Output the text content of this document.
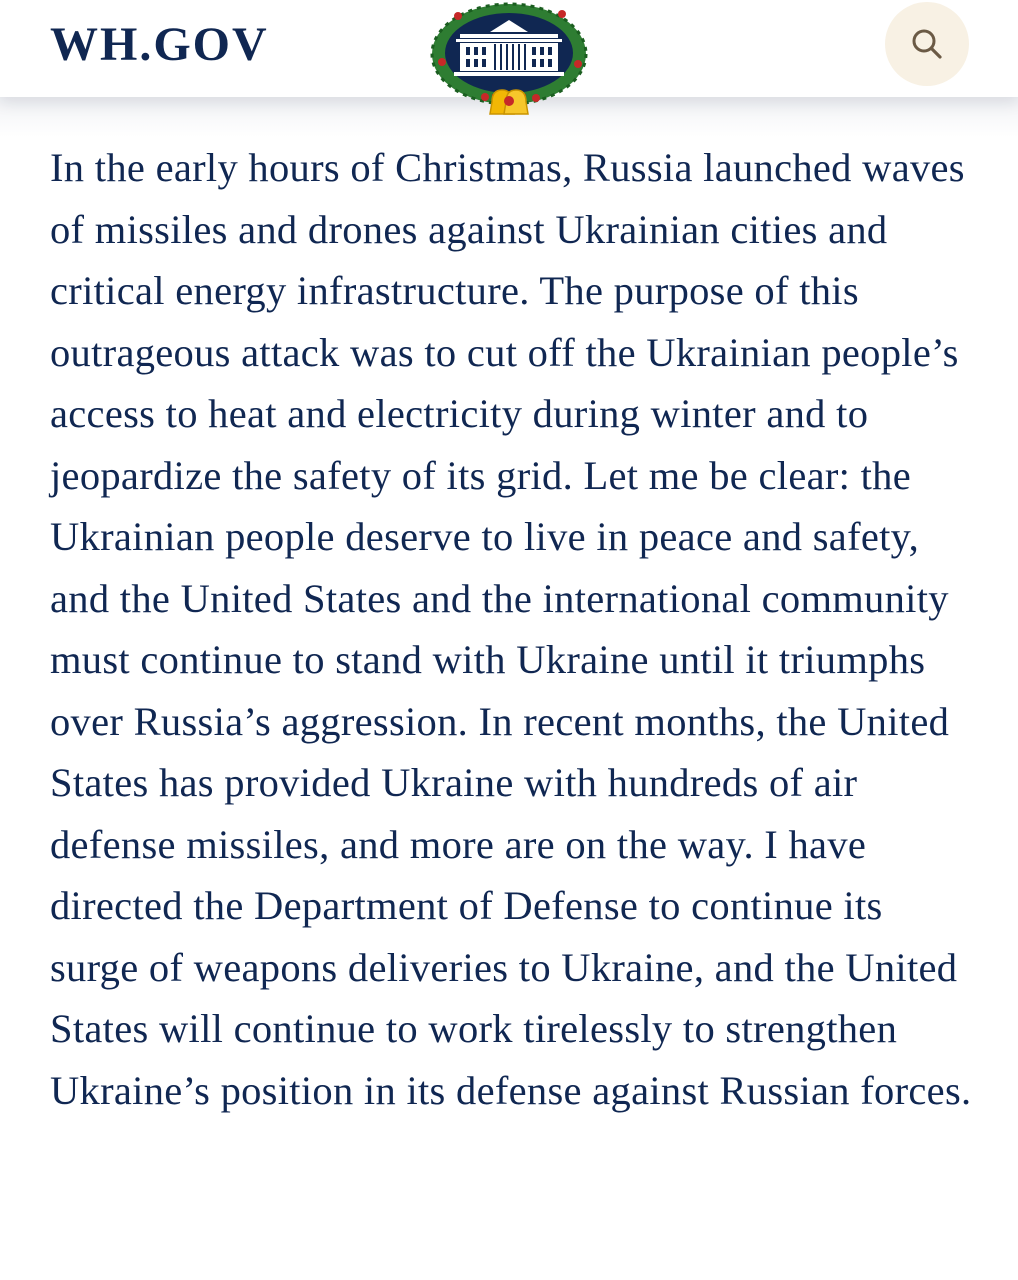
WH.GOV

In the early hours of Christmas, Russia launched waves of missiles and drones against Ukrainian cities and critical energy infrastructure. The purpose of this outrageous attack was to cut off the Ukrainian people’s access to heat and electricity during winter and to jeopardize the safety of its grid. Let me be clear: the Ukrainian people deserve to live in peace and safety, and the United States and the international community must continue to stand with Ukraine until it triumphs over Russia’s aggression. In recent months, the United States has provided Ukraine with hundreds of air defense missiles, and more are on the way. I have directed the Department of Defense to continue its surge of weapons deliveries to Ukraine, and the United States will continue to work tirelessly to strengthen Ukraine’s position in its defense against Russian forces.
